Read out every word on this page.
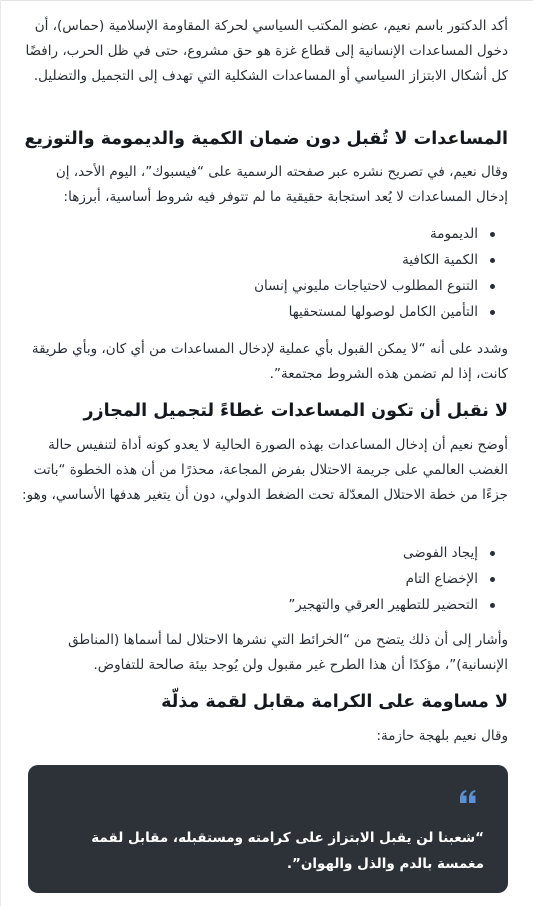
أكد الدكتور باسم نعيم، عضو المكتب السياسي لحركة المقاومة الإسلامية (حماس)، أن دخول المساعدات الإنسانية إلى قطاع غزة هو حق مشروع، حتى في ظل الحرب، رافضًا كل أشكال الابتزاز السياسي أو المساعدات الشكلية التي تهدف إلى التجميل والتضليل.

المساعدات لا تُقبل دون ضمان الكمية والديمومة والتوزيع

وقال نعيم، في تصريح نشره عبر صفحته الرسمية على “فيسبوك”، اليوم الأحد، إن إدخال المساعدات لا يُعد استجابة حقيقية ما لم تتوفر فيه شروط أساسية، أبرزها:

الديمومة
الكمية الكافية
التنوع المطلوب لاحتياجات مليوني إنسان
التأمين الكامل لوصولها لمستحقيها

وشدد على أنه “لا يمكن القبول بأي عملية لإدخال المساعدات من أي كان، وبأي طريقة كانت، إذا لم تضمن هذه الشروط مجتمعة”.

لا نقبل أن تكون المساعدات غطاءً لتجميل المجازر

أوضح نعيم أن إدخال المساعدات بهذه الصورة الحالية لا يعدو كونه أداة لتنفيس حالة الغضب العالمي على جريمة الاحتلال بفرض المجاعة، محذرًا من أن هذه الخطوة “باتت جزءًا من خطة الاحتلال المعدّلة تحت الضغط الدولي، دون أن يتغير هدفها الأساسي، وهو:

إيجاد الفوضى
الإخضاع التام
التحضير للتطهير العرقي والتهجير”

وأشار إلى أن ذلك يتضح من “الخرائط التي نشرها الاحتلال لما أسماها (المناطق الإنسانية)”، مؤكدًا أن هذا الطرح غير مقبول ولن يُوجد بيئة صالحة للتفاوض.

لا مساومة على الكرامة مقابل لقمة مذلّة

وقال نعيم بلهجة حازمة:

“شعبنا لن يقبل الابتزاز على كرامته ومستقبله، مقابل لقمة مغمسة بالدم والذل والهوان”.
